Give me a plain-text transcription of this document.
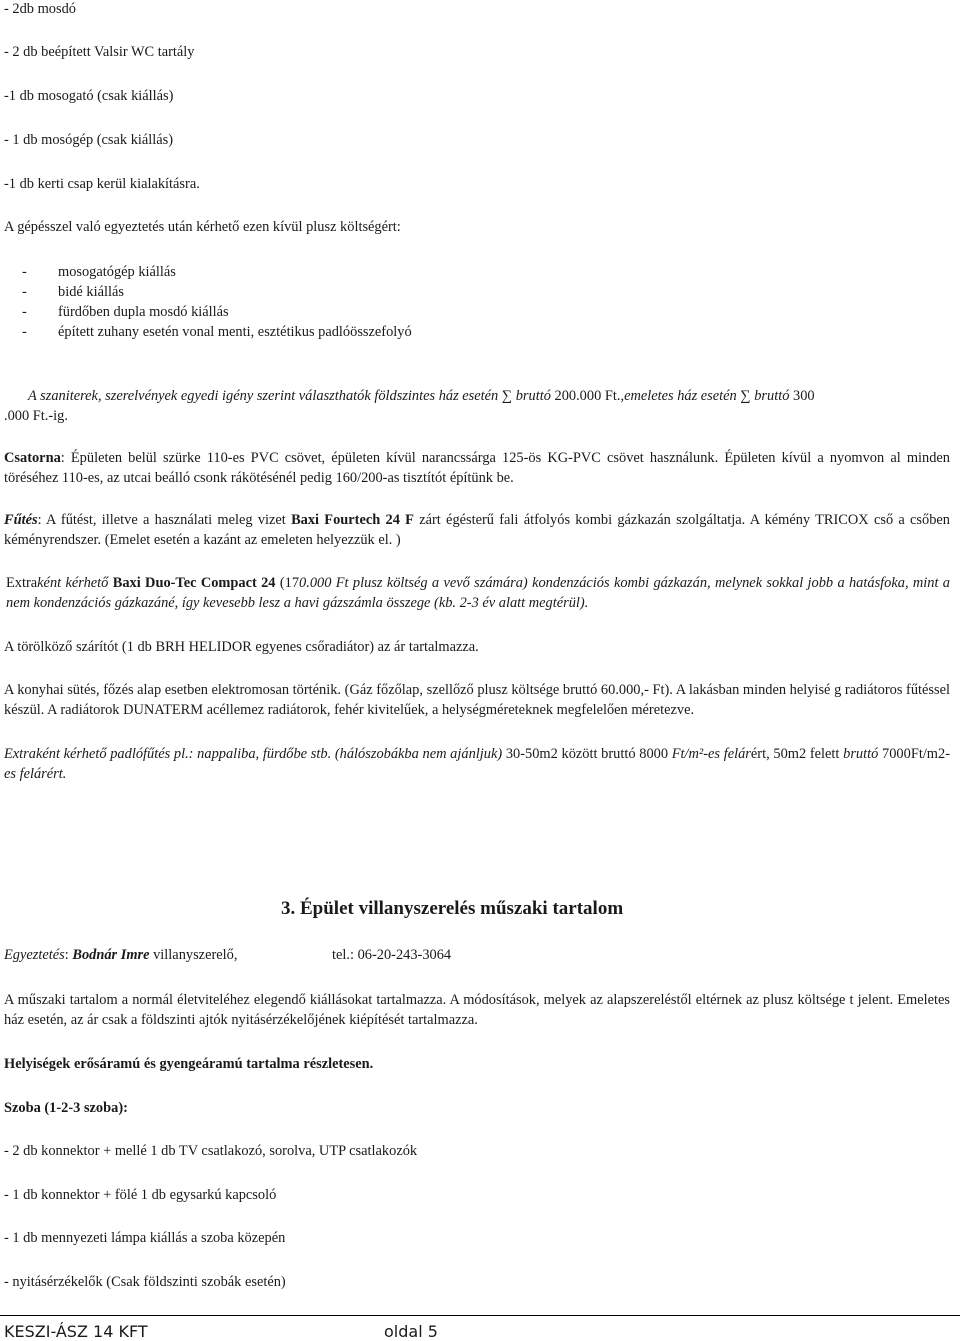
- 2db mosdó
- 2 db beépített Valsir WC tartály
-1 db mosogató (csak kiállás)
- 1 db mosógép (csak kiállás)
-1 db kerti csap kerül kialakításra.
A gépésszel való egyeztetés után kérhető ezen kívül plusz költségért:
- mosogatógép kiállás
- bidé kiállás
- fürdőben dupla mosdó kiállás
- épített zuhany esetén vonal menti, esztétikus padlóösszefolyó
A szaniterek, szerelvények egyedi igény szerint választhatók földszintes ház esetén ∑ bruttó 200.000 Ft.,emeletes ház esetén ∑ bruttó 300
.000 Ft.-ig.
Csatorna: Épületen belül szürke 110-es PVC csövet, épületen kívül narancssárga 125-ös KG-PVC csövet használunk. Épületen kívül a nyomvon al minden töréséhez 110-es, az utcai beálló csonk rákötésénél pedig 160/200-as tisztítót építünk be.
Fűtés: A fűtést, illetve a használati meleg vizet Baxi Fourtech 24 F zárt égésterű fali átfolyós kombi gázkazán szolgáltatja. A kémény TRICOX cső a csőben kéményrendszer. (Emelet esetén a kazánt az emeleten helyezzük el. )
Extraként kérhető Baxi Duo-Tec Compact 24 (170.000 Ft plusz költség a vevő számára) kondenzációs kombi gázkazán, melynek sokkal jobb a hatásfoka, mint a nem kondenzációs gázkazáné, így kevesebb lesz a havi gázszámla összege (kb. 2-3 év alatt megtérül).
A törölköző szárítót (1 db BRH HELIDOR egyenes csőradiátor) az ár tartalmazza.
A konyhai sütés, főzés alap esetben elektromosan történik. (Gáz főzőlap, szellőző plusz költsége bruttó 60.000,- Ft). A lakásban minden helyisé g radiátoros fűtéssel készül. A radiátorok DUNATERM acéllemez radiátorok, fehér kivitelűek, a helységméreteknek megfelelően méretezve.
Extraként kérhető padlófűtés pl.: nappaliba, fürdőbe stb. (hálószobákba nem ajánljuk) 30-50m2 között bruttó 8000 Ft/m²-es felárért, 50m2 felett bruttó 7000Ft/m2-es felárért.
3. Épület villanyszerelés műszaki tartalom
Egyeztetés: Bodnár Imre villanyszerelő,	tel.: 06-20-243-3064
A műszaki tartalom a normál életviteléhez elegendő kiállásokat tartalmazza. A módosítások, melyek az alapszereléstől eltérnek az plusz költsége t jelent. Emeletes ház esetén, az ár csak a földszinti ajtók nyitásérzékelőjének kiépítését tartalmazza.
Helyiségek erősáramú és gyengeáramú tartalma részletesen.
Szoba (1-2-3 szoba):
- 2 db konnektor + mellé 1 db TV csatlakozó, sorolva, UTP csatlakozók
- 1 db konnektor + fölé 1 db egysarkú kapcsoló
- 1 db mennyezeti lámpa kiállás a szoba közepén
- nyitásérzékelők (Csak földszinti szobák esetén)
KESZI-ÁSZ 14 KFT	oldal 5
